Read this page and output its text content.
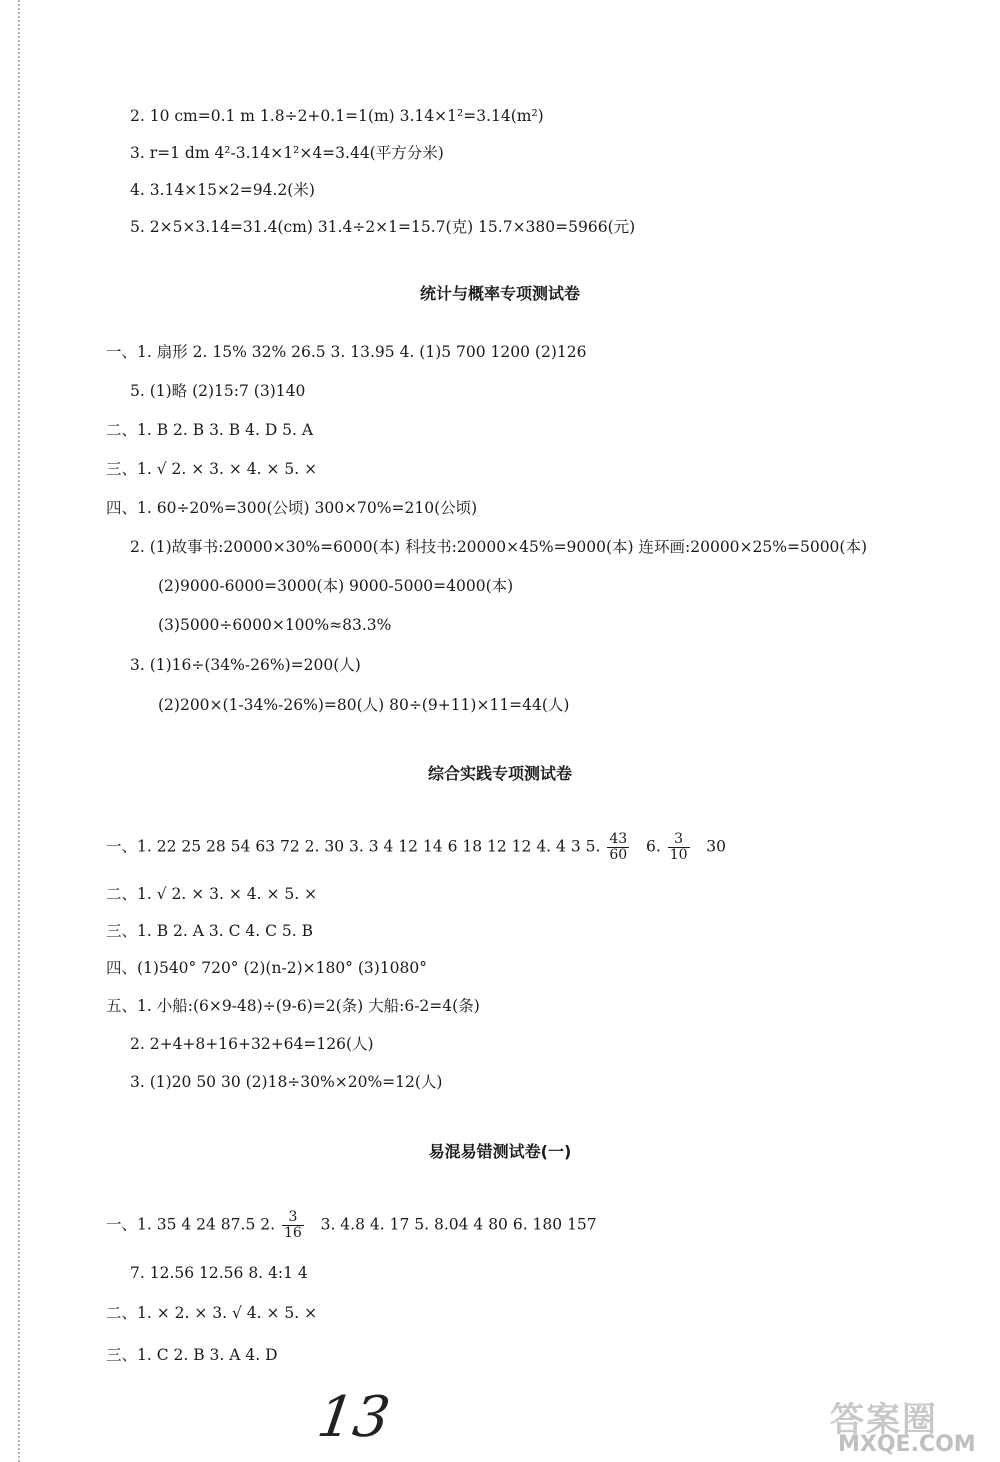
2. 10 cm=0.1 m 1.8÷2+0.1=1(m) 3.14×1²=3.14(m²)
3. r=1 dm 4²-3.14×1²×4=3.44(平方分米)
4. 3.14×15×2=94.2(米)
5. 2×5×3.14=31.4(cm) 31.4÷2×1=15.7(克) 15.7×380=5966(元)
统计与概率专项测试卷
一、1. 扇形 2. 15% 32% 26.5 3. 13.95 4. (1)5 700 1200 (2)126
5. (1)略 (2)15:7 (3)140
二、1. B 2. B 3. B 4. D 5. A
三、1. √ 2. × 3. × 4. × 5. ×
四、1. 60÷20%=300(公顷) 300×70%=210(公顷)
2. (1)故事书:20000×30%=6000(本) 科技书:20000×45%=9000(本) 连环画:20000×25%=5000(本)
(2)9000-6000=3000(本) 9000-5000=4000(本)
(3)5000÷6000×100%≈83.3%
3. (1)16÷(34%-26%)=200(人)
(2)200×(1-34%-26%)=80(人) 80÷(9+11)×11=44(人)
综合实践专项测试卷
一、1. 22 25 28 54 63 72 2. 30 3. 3 4 12 14 6 18 12 12 4. 4 3 5. $\frac{43}{60} 6$. $\frac{3}{10} 30$
二、1. √ 2. × 3. × 4. × 5. ×
三、1. B 2. A 3. C 4. C 5. B
四、(1)540° 720° (2)(n-2)×180° (3)1080°
五、1. 小船:(6×9-48)÷(9-6)=2(条) 大船:6-2=4(条)
2. 2+4+8+16+32+64=126(人)
3. (1)20 50 30 (2)18÷30%×20%=12(人)
易混易错测试卷(一)
一、1. 35 4 24 87.5 2. $\frac{3}{16} 3$. 4.8 4. 17 5. 8.04 4 80 6. 180 157
7. 12.56 12.56 8. 4:1 4
二、1. × 2. × 3. √ 4. × 5. ×
三、1. C 2. B 3. A 4. D
13	答案圈
MXQE.COM
